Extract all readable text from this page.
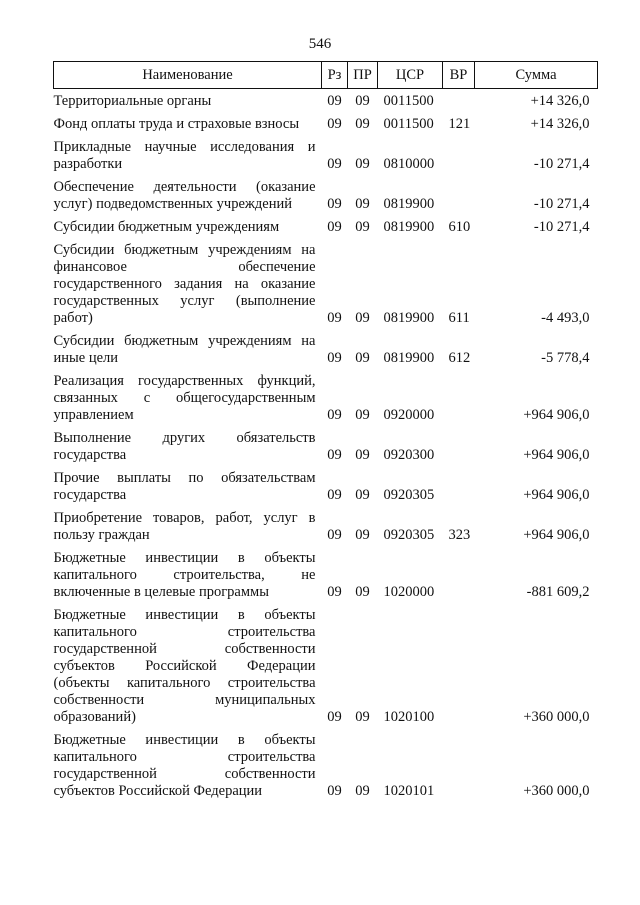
546
Наименование	Рз	ПР	ЦСР	ВР	Сумма
Территориальные органы	09	09	0011500		+14 326,0
Фонд оплаты труда и страховые взносы	09	09	0011500	121	+14 326,0
Прикладные научные исследования и разработки	09	09	0810000		-10 271,4
Обеспечение деятельности (оказание услуг) подведомственных учреждений	09	09	0819900		-10 271,4
Субсидии бюджетным учреждениям	09	09	0819900	610	-10 271,4
Субсидии бюджетным учреждениям на финансовое обеспечение государственного задания на оказание государственных услуг (выполнение работ)	09	09	0819900	611	-4 493,0
Субсидии бюджетным учреждениям на иные цели	09	09	0819900	612	-5 778,4
Реализация государственных функций, связанных с общегосударственным управлением	09	09	0920000		+964 906,0
Выполнение других обязательств государства	09	09	0920300		+964 906,0
Прочие выплаты по обязательствам государства	09	09	0920305		+964 906,0
Приобретение товаров, работ, услуг в пользу граждан	09	09	0920305	323	+964 906,0
Бюджетные инвестиции в объекты капитального строительства, не включенные в целевые программы	09	09	1020000		-881 609,2
Бюджетные инвестиции в объекты капитального строительства государственной собственности субъектов Российской Федерации (объекты капитального строительства собственности муниципальных образований)	09	09	1020100		+360 000,0
Бюджетные инвестиции в объекты капитального строительства государственной собственности субъектов Российской Федерации	09	09	1020101		+360 000,0
